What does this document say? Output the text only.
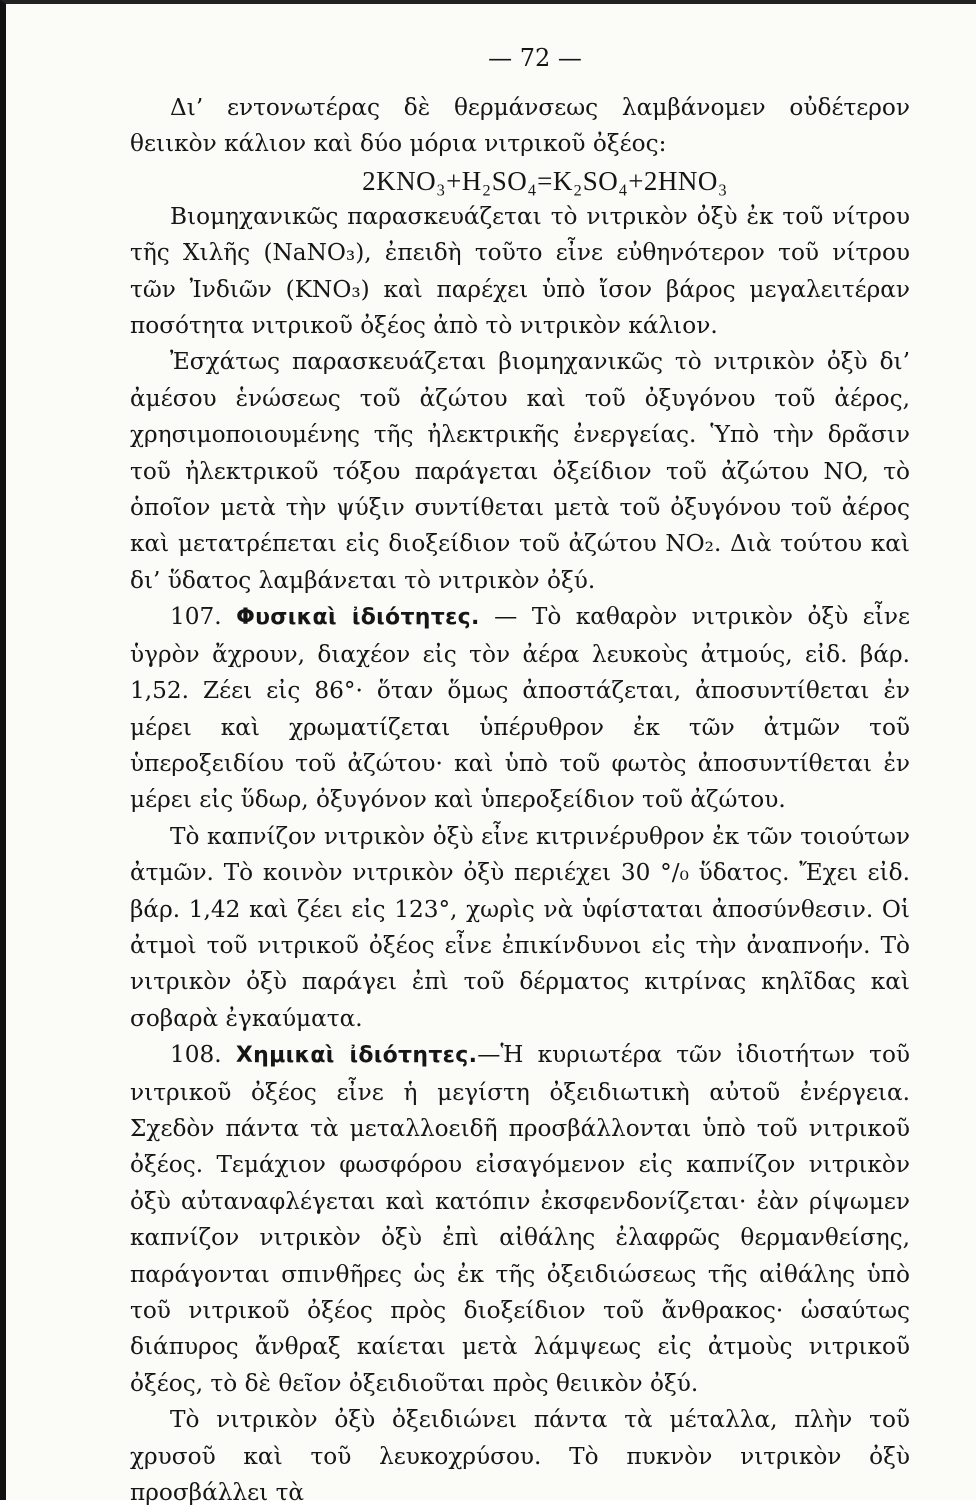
— 72 —

Δι’ εντονωτέρας δὲ θερμάνσεως λαμβάνομεν οὐδέτερον θειικὸν κάλιον καὶ δύο μόρια νιτρικοῦ ὀξέος:

2KNO₃+H₂SO₄=K₂SO₄+2HNO₃

Βιομηχανικῶς παρασκευάζεται τὸ νιτρικὸν ὀξὺ ἐκ τοῦ νίτρου τῆς Χιλῆς (NaNO₃), ἐπειδὴ τοῦτο εἶνε εὐθηνότερον τοῦ νίτρου τῶν Ἰνδιῶν (KNO₃) καὶ παρέχει ὑπὸ ἴσον βάρος μεγαλειτέραν ποσότητα νιτρικοῦ ὀξέος ἀπὸ τὸ νιτρικὸν κάλιον.

Ἐσχάτως παρασκευάζεται βιομηχανικῶς τὸ νιτρικὸν ὀξὺ δι’ ἀμέσου ἑνώσεως τοῦ ἀζώτου καὶ τοῦ ὀξυγόνου τοῦ ἀέρος, χρησιμοποιουμένης τῆς ἠλεκτρικῆς ἐνεργείας. Ὑπὸ τὴν δρᾶσιν τοῦ ἠλεκτρικοῦ τόξου παράγεται ὀξείδιον τοῦ ἀζώτου NO, τὸ ὁποῖον μετὰ τὴν ψύξιν συντίθεται μετὰ τοῦ ὀξυγόνου τοῦ ἀέρος καὶ μετατρέπεται εἰς διοξείδιον τοῦ ἀζώτου NO₂. Διὰ τούτου καὶ δι’ ὕδατος λαμβάνεται τὸ νιτρικὸν ὀξύ.

107. Φυσικαὶ ἰδιότητες. — Τὸ καθαρὸν νιτρικὸν ὀξὺ εἶνε ὑγρὸν ἄχρουν, διαχέον εἰς τὸν ἀέρα λευκοὺς ἀτμούς, εἰδ. βάρ. 1,52. Ζέει εἰς 86°· ὅταν ὅμως ἀποστάζεται, ἀποσυντίθεται ἐν μέρει καὶ χρωματίζεται ὑπέρυθρον ἐκ τῶν ἀτμῶν τοῦ ὑπεροξειδίου τοῦ ἀζώτου· καὶ ὑπὸ τοῦ φωτὸς ἀποσυντίθεται ἐν μέρει εἰς ὕδωρ, ὀξυγόνον καὶ ὑπεροξείδιον τοῦ ἀζώτου.

Τὸ καπνίζον νιτρικὸν ὀξὺ εἶνε κιτρινέρυθρον ἐκ τῶν τοιούτων ἀτμῶν. Τὸ κοινὸν νιτρικὸν ὀξὺ περιέχει 30 °/₀ ὕδατος. Ἔχει εἰδ. βάρ. 1,42 καὶ ζέει εἰς 123°, χωρὶς νὰ ὑφίσταται ἀποσύνθεσιν. Οἱ ἀτμοὶ τοῦ νιτρικοῦ ὀξέος εἶνε ἐπικίνδυνοι εἰς τὴν ἀναπνοήν. Τὸ νιτρικὸν ὀξὺ παράγει ἐπὶ τοῦ δέρματος κιτρίνας κηλῖδας καὶ σοβαρὰ ἐγκαύματα.

108. Χημικαὶ ἰδιότητες.—Ἡ κυριωτέρα τῶν ἰδιοτήτων τοῦ νιτρικοῦ ὀξέος εἶνε ἡ μεγίστη ὀξειδιωτικὴ αὐτοῦ ἐνέργεια. Σχεδὸν πάντα τὰ μεταλλοειδῆ προσβάλλονται ὑπὸ τοῦ νιτρικοῦ ὀξέος. Τεμάχιον φωσφόρου εἰσαγόμενον εἰς καπνίζον νιτρικὸν ὀξὺ αὐταναφλέγεται καὶ κατόπιν ἐκσφενδονίζεται· ἐὰν ρίψωμεν καπνίζον νιτρικὸν ὀξὺ ἐπὶ αἰθάλης ἐλαφρῶς θερμανθείσης, παράγονται σπινθῆρες ὡς ἐκ τῆς ὀξειδιώσεως τῆς αἰθάλης ὑπὸ τοῦ νιτρικοῦ ὀξέος πρὸς διοξείδιον τοῦ ἄνθρακος· ὡσαύτως διάπυρος ἄνθραξ καίεται μετὰ λάμψεως εἰς ἀτμοὺς νιτρικοῦ ὀξέος, τὸ δὲ θεῖον ὀξειδιοῦται πρὸς θειικὸν ὀξύ.

Τὸ νιτρικὸν ὀξὺ ὀξειδιώνει πάντα τὰ μέταλλα, πλὴν τοῦ χρυσοῦ καὶ τοῦ λευκοχρύσου. Τὸ πυκνὸν νιτρικὸν ὀξὺ προσβάλλει τὰ
